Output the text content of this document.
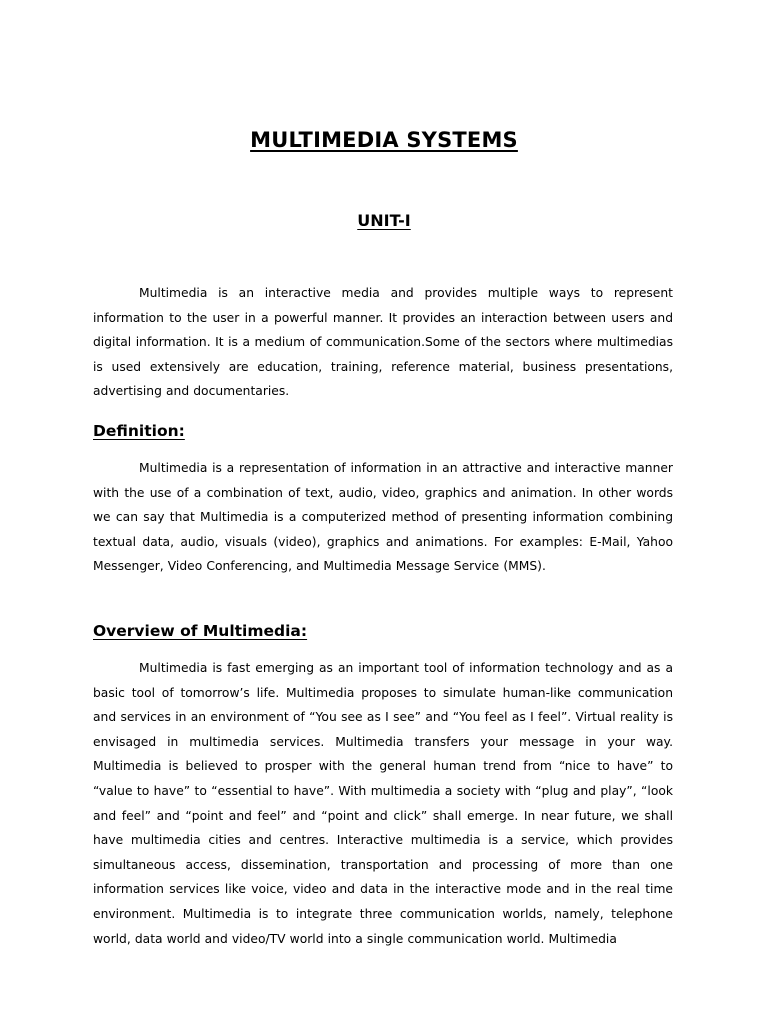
MULTIMEDIA SYSTEMS
UNIT-I

Multimedia is an interactive media and provides multiple ways to represent information to the user in a powerful manner. It provides an interaction between users and digital information. It is a medium of communication.Some of the sectors where multimedias is used extensively are education, training, reference material, business presentations, advertising and documentaries.

Definition:

Multimedia is a representation of information in an attractive and interactive manner with the use of a combination of text, audio, video, graphics and animation. In other words we can say that Multimedia is a computerized method of presenting information combining textual data, audio, visuals (video), graphics and animations. For examples: E-Mail, Yahoo Messenger, Video Conferencing, and Multimedia Message Service (MMS).

Overview of Multimedia:

Multimedia is fast emerging as an important tool of information technology and as a basic tool of tomorrow’s life. Multimedia proposes to simulate human-like communication and services in an environment of “You see as I see” and “You feel as I feel”. Virtual reality is envisaged in multimedia services. Multimedia transfers your message in your way. Multimedia is believed to prosper with the general human trend from “nice to have” to “value to have” to “essential to have”. With multimedia a society with “plug and play”, “look and feel” and “point and feel” and “point and click” shall emerge. In near future, we shall have multimedia cities and centres. Interactive multimedia is a service, which provides simultaneous access, dissemination, transportation and processing of more than one information services like voice, video and data in the interactive mode and in the real time environment. Multimedia is to integrate three communication worlds, namely, telephone world, data world and video/TV world into a single communication world. Multimedia
